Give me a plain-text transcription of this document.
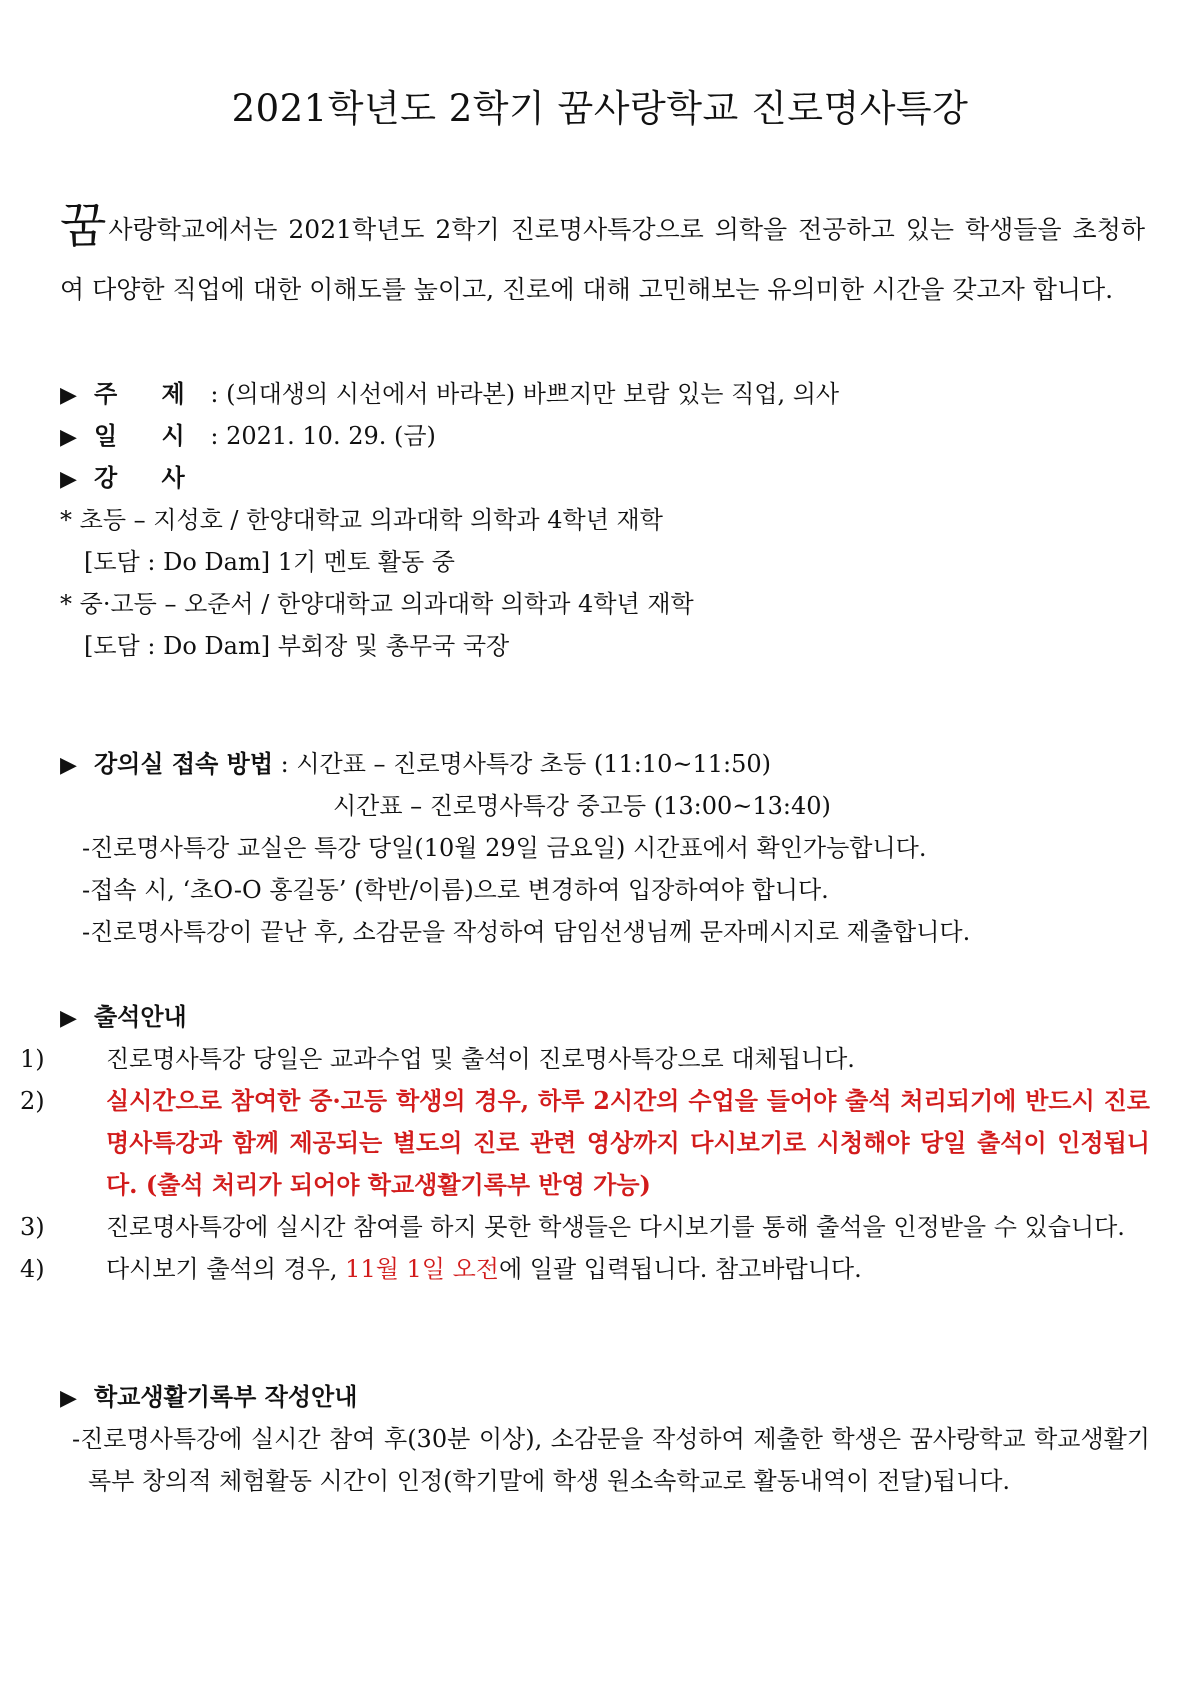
2021학년도 2학기 꿈사랑학교 진로명사특강

꿈사랑학교에서는 2021학년도 2학기 진로명사특강으로 의학을 전공하고 있는 학생들을 초청하여 다양한 직업에 대한 이해도를 높이고, 진로에 대해 고민해보는 유의미한 시간을 갖고자 합니다.

▶ 주 제 : (의대생의 시선에서 바라본) 바쁘지만 보람 있는 직업, 의사
▶ 일 시 : 2021. 10. 29. (금)
▶ 강 사
* 초등 – 지성호 / 한양대학교 의과대학 의학과 4학년 재학
[도담 : Do Dam] 1기 멘토 활동 중
* 중·고등 – 오준서 / 한양대학교 의과대학 의학과 4학년 재학
[도담 : Do Dam] 부회장 및 총무국 국장
▶ 강의실 접속 방법 : 시간표 – 진로명사특강 초등 (11:10~11:50)
시간표 – 진로명사특강 중고등 (13:00~13:40)
-진로명사특강 교실은 특강 당일(10월 29일 금요일) 시간표에서 확인가능합니다.
-접속 시, ‘초O-O 홍길동’ (학반/이름)으로 변경하여 입장하여야 합니다.
-진로명사특강이 끝난 후, 소감문을 작성하여 담임선생님께 문자메시지로 제출합니다.
▶ 출석안내
1)	진로명사특강 당일은 교과수업 및 출석이 진로명사특강으로 대체됩니다.
2)	실시간으로 참여한 중·고등 학생의 경우, 하루 2시간의 수업을 들어야 출석 처리되기에 반드시 진로명사특강과 함께 제공되는 별도의 진로 관련 영상까지 다시보기로 시청해야 당일 출석이 인정됩니다. (출석 처리가 되어야 학교생활기록부 반영 가능)
3)	진로명사특강에 실시간 참여를 하지 못한 학생들은 다시보기를 통해 출석을 인정받을 수 있습니다.
4)	다시보기 출석의 경우, 11월 1일 오전에 일괄 입력됩니다. 참고바랍니다.
▶ 학교생활기록부 작성안내
-진로명사특강에 실시간 참여 후(30분 이상), 소감문을 작성하여 제출한 학생은 꿈사랑학교 학교생활기록부 창의적 체험활동 시간이 인정(학기말에 학생 원소속학교로 활동내역이 전달)됩니다.
